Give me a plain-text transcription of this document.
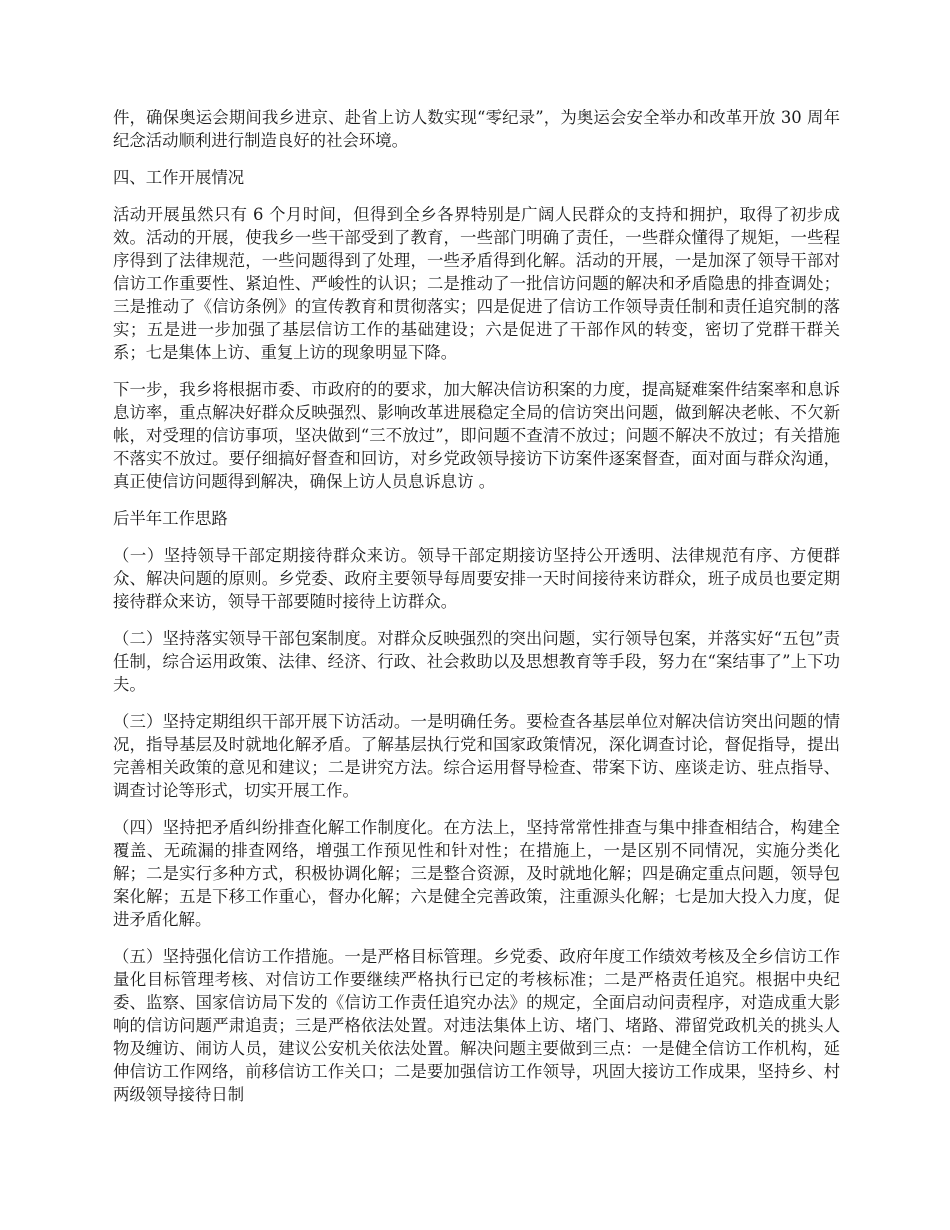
件，确保奥运会期间我乡进京、赴省上访人数实现“零纪录”，为奥运会安全举办和改革开放 30 周年纪念活动顺利进行制造良好的社会环境。

四、工作开展情况

活动开展虽然只有 6 个月时间，但得到全乡各界特别是广阔人民群众的支持和拥护，取得了初步成效。活动的开展，使我乡一些干部受到了教育，一些部门明确了责任，一些群众懂得了规矩，一些程序得到了法律规范，一些问题得到了处理，一些矛盾得到化解。活动的开展，一是加深了领导干部对信访工作重要性、紧迫性、严峻性的认识；二是推动了一批信访问题的解决和矛盾隐患的排查调处；三是推动了《信访条例》的宣传教育和贯彻落实；四是促进了信访工作领导责任制和责任追究制的落实；五是进一步加强了基层信访工作的基础建设；六是促进了干部作风的转变，密切了党群干群关系；七是集体上访、重复上访的现象明显下降。

下一步，我乡将根据市委、市政府的的要求，加大解决信访积案的力度，提高疑难案件结案率和息诉息访率，重点解决好群众反映强烈、影响改革进展稳定全局的信访突出问题，做到解决老帐、不欠新帐，对受理的信访事项，坚决做到“三不放过”，即问题不查清不放过；问题不解决不放过；有关措施不落实不放过。要仔细搞好督查和回访，对乡党政领导接访下访案件逐案督查，面对面与群众沟通，真正使信访问题得到解决，确保上访人员息诉息访 。

后半年工作思路

（一）坚持领导干部定期接待群众来访。领导干部定期接访坚持公开透明、法律规范有序、方便群众、解决问题的原则。乡党委、政府主要领导每周要安排一天时间接待来访群众，班子成员也要定期接待群众来访，领导干部要随时接待上访群众。

（二）坚持落实领导干部包案制度。对群众反映强烈的突出问题，实行领导包案，并落实好“五包”责任制，综合运用政策、法律、经济、行政、社会救助以及思想教育等手段，努力在“案结事了”上下功夫。

（三）坚持定期组织干部开展下访活动。一是明确任务。要检查各基层单位对解决信访突出问题的情况，指导基层及时就地化解矛盾。了解基层执行党和国家政策情况，深化调查讨论，督促指导，提出完善相关政策的意见和建议；二是讲究方法。综合运用督导检查、带案下访、座谈走访、驻点指导、调查讨论等形式，切实开展工作。

（四）坚持把矛盾纠纷排查化解工作制度化。在方法上，坚持常常性排查与集中排查相结合，构建全覆盖、无疏漏的排查网络，增强工作预见性和针对性；在措施上，一是区别不同情况，实施分类化解；二是实行多种方式，积极协调化解；三是整合资源，及时就地化解；四是确定重点问题，领导包案化解；五是下移工作重心，督办化解；六是健全完善政策，注重源头化解；七是加大投入力度，促进矛盾化解。

（五）坚持强化信访工作措施。一是严格目标管理。乡党委、政府年度工作绩效考核及全乡信访工作量化目标管理考核、对信访工作要继续严格执行已定的考核标准；二是严格责任追究。根据中央纪委、监察、国家信访局下发的《信访工作责任追究办法》的规定，全面启动问责程序，对造成重大影响的信访问题严肃追责；三是严格依法处置。对违法集体上访、堵门、堵路、滞留党政机关的挑头人物及缠访、闹访人员，建议公安机关依法处置。解决问题主要做到三点：一是健全信访工作机构，延伸信访工作网络，前移信访工作关口；二是要加强信访工作领导，巩固大接访工作成果，坚持乡、村两级领导接待日制
